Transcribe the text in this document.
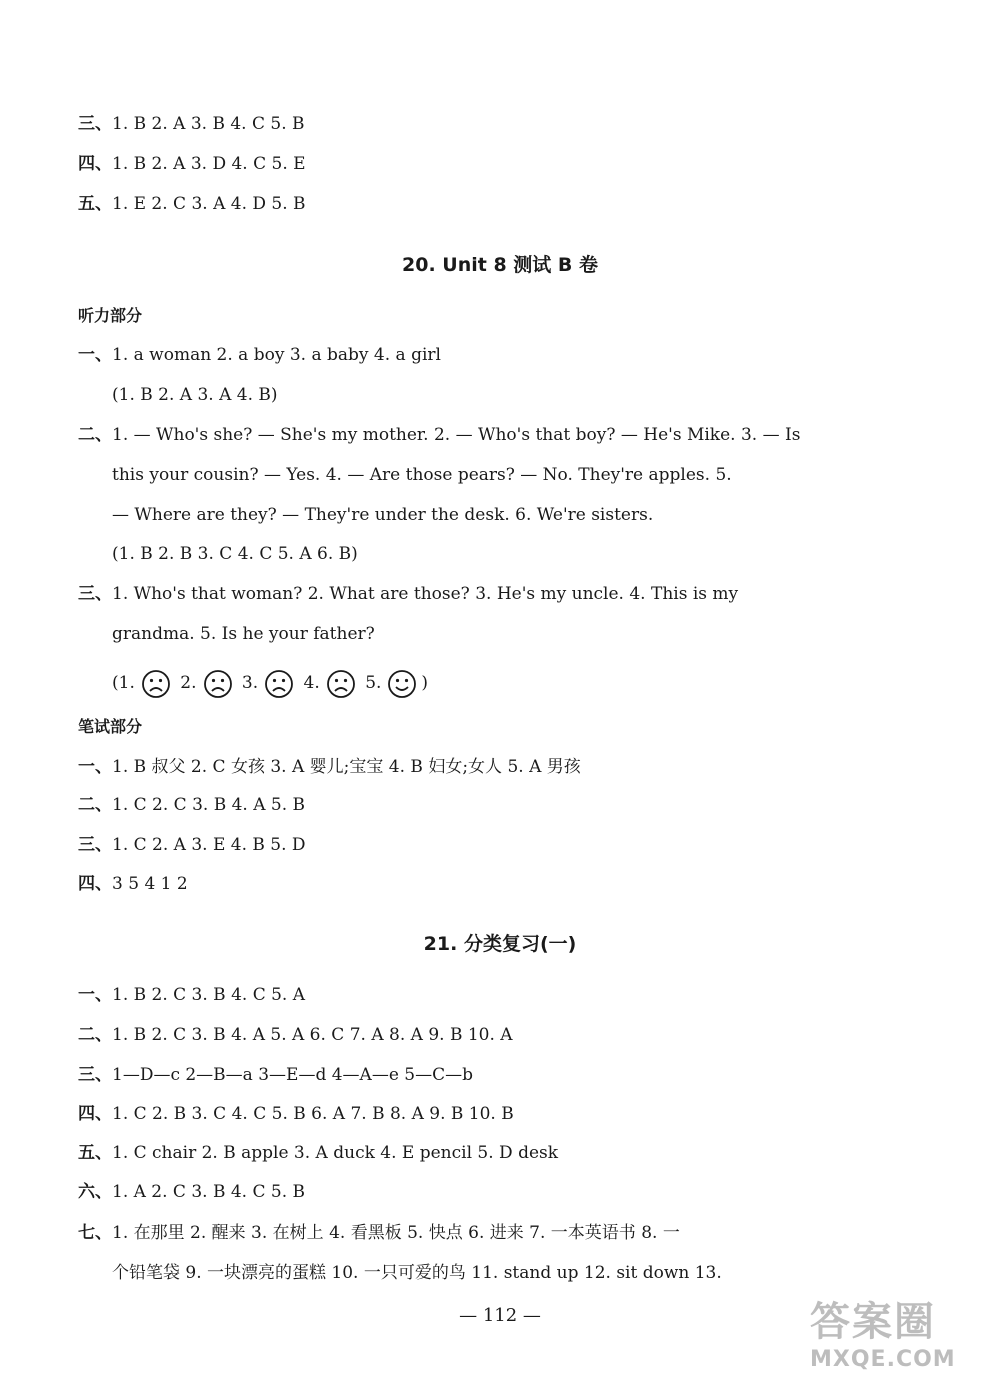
三、1. B 2. A 3. B 4. C 5. B
四、1. B 2. A 3. D 4. C 5. E
五、1. E 2. C 3. A 4. D 5. B
20. Unit 8 测试 B 卷
听力部分
一、1. a woman 2. a boy 3. a baby 4. a girl
(1. B 2. A 3. A 4. B)
二、1. — Who's she? — She's my mother. 2. — Who's that boy? — He's Mike. 3. — Is
this your cousin? — Yes. 4. — Are those pears? — No. They're apples. 5.
— Where are they? — They're under the desk. 6. We're sisters.
(1. B 2. B 3. C 4. C 5. A 6. B)
三、1. Who's that woman? 2. What are those? 3. He's my uncle. 4. This is my
grandma. 5. Is he your father?
(1.	2.	3.	4.	5. )
笔试部分
一、1. B 叔父 2. C 女孩 3. A 婴儿;宝宝 4. B 妇女;女人 5. A 男孩
二、1. C 2. C 3. B 4. A 5. B
三、1. C 2. A 3. E 4. B 5. D
四、3 5 4 1 2
21. 分类复习(一)
一、1. B 2. C 3. B 4. C 5. A
二、1. B 2. C 3. B 4. A 5. A 6. C 7. A 8. A 9. B 10. A
三、1—D—c 2—B—a 3—E—d 4—A—e 5—C—b
四、1. C 2. B 3. C 4. C 5. B 6. A 7. B 8. A 9. B 10. B
五、1. C chair 2. B apple 3. A duck 4. E pencil 5. D desk
六、1. A 2. C 3. B 4. C 5. B
七、1. 在那里 2. 醒来 3. 在树上 4. 看黑板 5. 快点 6. 进来 7. 一本英语书 8. 一
个铅笔袋 9. 一块漂亮的蛋糕 10. 一只可爱的鸟 11. stand up 12. sit down 13.
— 112 —	答案圈
MXQE.COM
